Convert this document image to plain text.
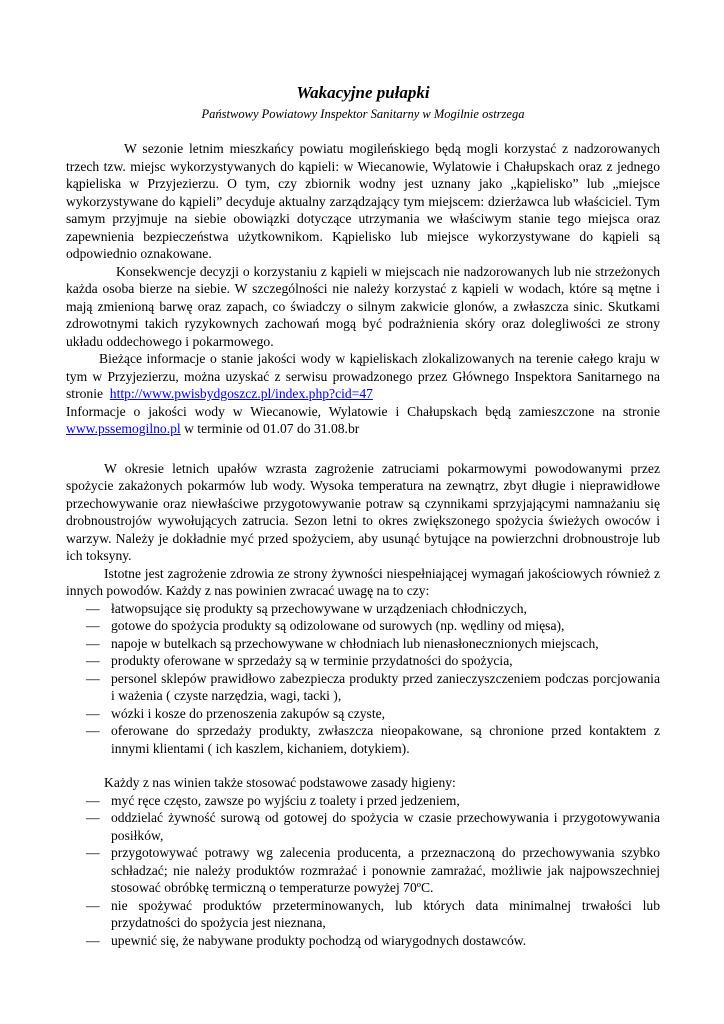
Wakacyjne pułapki
Państwowy Powiatowy Inspektor Sanitarny w Mogilnie ostrzega

W sezonie letnim mieszkańcy powiatu mogileńskiego będą mogli korzystać z nadzorowanych trzech tzw. miejsc wykorzystywanych do kąpieli: w Wiecanowie, Wylatowie i Chałupskach oraz z jednego kąpieliska w Przyjezierzu. O tym, czy zbiornik wodny jest uznany jako „kąpielisko” lub „miejsce wykorzystywane do kąpieli” decyduje aktualny zarządzający tym miejscem: dzierżawca lub właściciel. Tym samym przyjmuje na siebie obowiązki dotyczące utrzymania we właściwym stanie tego miejsca oraz zapewnienia bezpieczeństwa użytkownikom. Kąpielisko lub miejsce wykorzystywane do kąpieli są odpowiednio oznakowane.

Konsekwencje decyzji o korzystaniu z kąpieli w miejscach nie nadzorowanych lub nie strzeżonych każda osoba bierze na siebie. W szczególności nie należy korzystać z kąpieli w wodach, które są mętne i mają zmienioną barwę oraz zapach, co świadczy o silnym zakwicie glonów, a zwłaszcza sinic. Skutkami zdrowotnymi takich ryzykownych zachowań mogą być podrażnienia skóry oraz dolegliwości ze strony układu oddechowego i pokarmowego.

Bieżące informacje o stanie jakości wody w kąpieliskach zlokalizowanych na terenie całego kraju w tym w Przyjezierzu, można uzyskać z serwisu prowadzonego przez Głównego Inspektora Sanitarnego na stronie http://www.pwisbydgoszcz.pl/index.php?cid=47

Informacje o jakości wody w Wiecanowie, Wylatowie i Chałupskach będą zamieszczone na stronie www.pssemogilno.pl w terminie od 01.07 do 31.08.br

W okresie letnich upałów wzrasta zagrożenie zatruciami pokarmowymi powodowanymi przez spożycie zakażonych pokarmów lub wody. Wysoka temperatura na zewnątrz, zbyt długie i nieprawidłowe przechowywanie oraz niewłaściwe przygotowywanie potraw są czynnikami sprzyjającymi namnażaniu się drobnoustrojów wywołujących zatrucia. Sezon letni to okres zwiększonego spożycia świeżych owoców i warzyw. Należy je dokładnie myć przed spożyciem, aby usunąć bytujące na powierzchni drobnoustroje lub ich toksyny.

Istotne jest zagrożenie zdrowia ze strony żywności niespełniającej wymagań jakościowych również z innych powodów. Każdy z nas powinien zwracać uwagę na to czy:

— łatwopsujące się produkty są przechowywane w urządzeniach chłodniczych,
— gotowe do spożycia produkty są odizolowane od surowych (np. wędliny od mięsa),
— napoje w butelkach są przechowywane w chłodniach lub nienasłonecznionych miejscach,
— produkty oferowane w sprzedaży są w terminie przydatności do spożycia,
— personel sklepów prawidłowo zabezpiecza produkty przed zanieczyszczeniem podczas porcjowania i ważenia ( czyste narzędzia, wagi, tacki ),
— wózki i kosze do przenoszenia zakupów są czyste,
— oferowane do sprzedaży produkty, zwłaszcza nieopakowane, są chronione przed kontaktem z innymi klientami ( ich kaszlem, kichaniem, dotykiem).

Każdy z nas winien także stosować podstawowe zasady higieny:

— myć ręce często, zawsze po wyjściu z toalety i przed jedzeniem,
— oddzielać żywność surową od gotowej do spożycia w czasie przechowywania i przygotowywania posiłków,
— przygotowywać potrawy wg zalecenia producenta, a przeznaczoną do przechowywania szybko schładzać; nie należy produktów rozmrażać i ponownie zamrażać, możliwie jak najpowszechniej stosować obróbkę termiczną o temperaturze powyżej 70ºC.
— nie spożywać produktów przeterminowanych, lub których data minimalnej trwałości lub przydatności do spożycia jest nieznana,
— upewnić się, że nabywane produkty pochodzą od wiarygodnych dostawców.
